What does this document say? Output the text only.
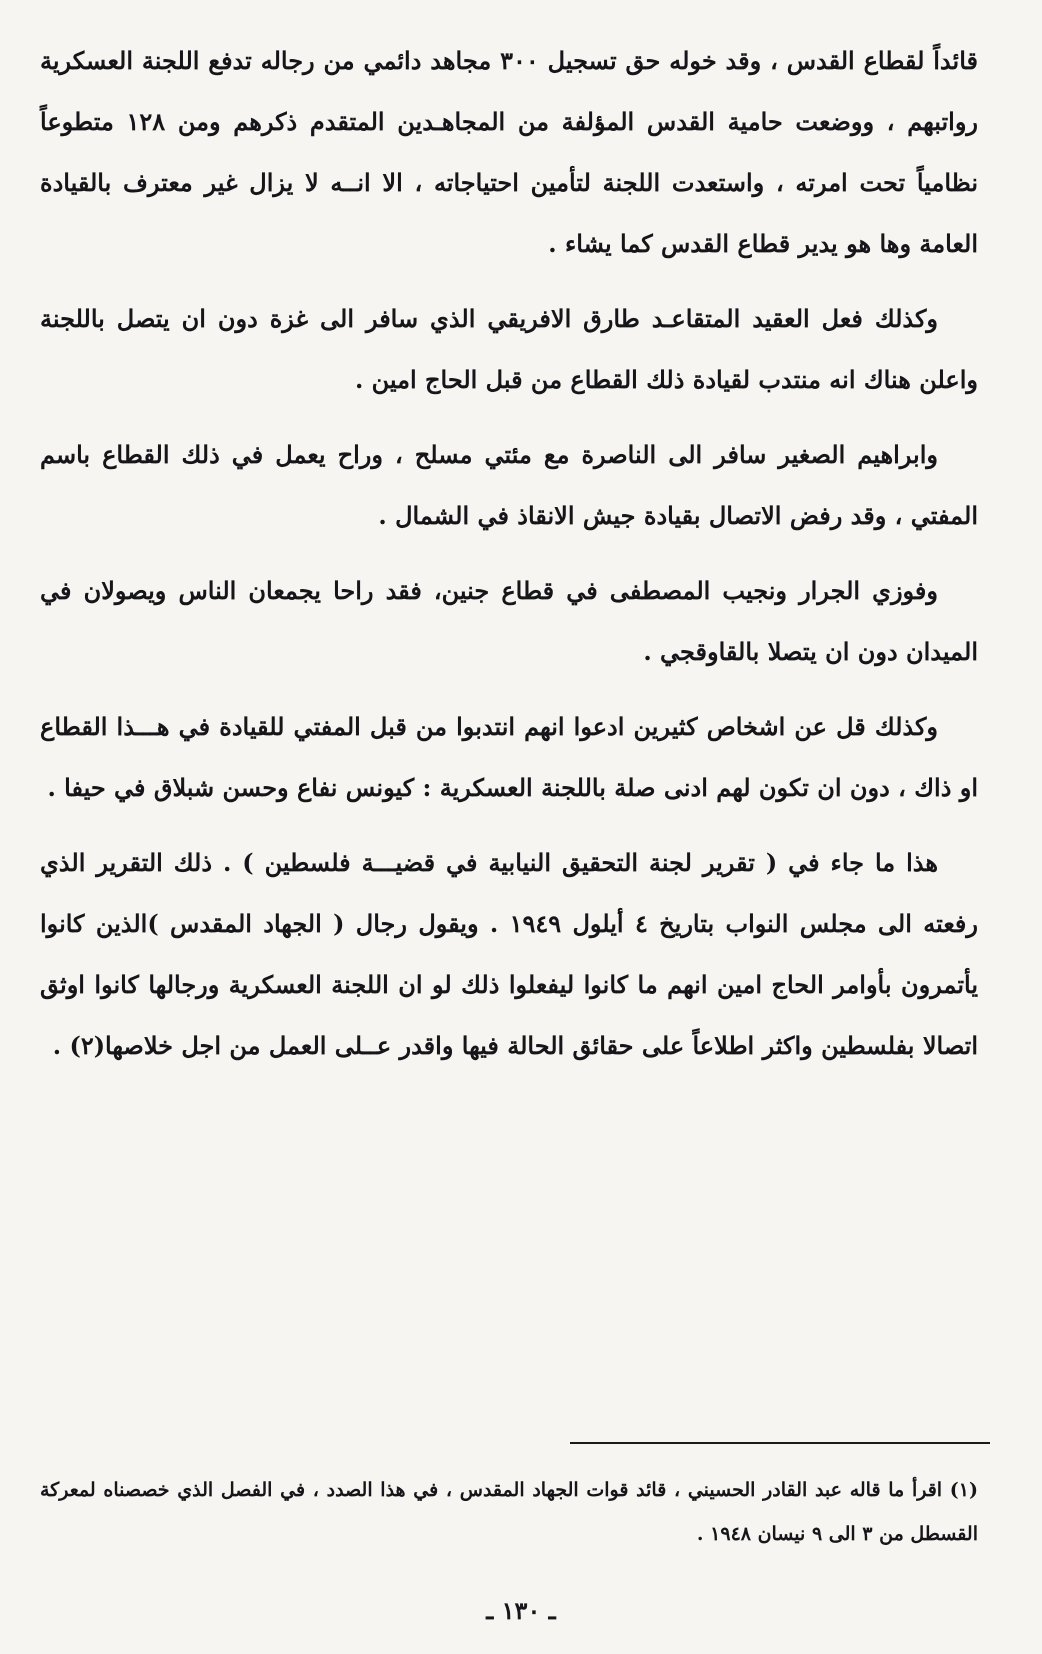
قائداً لقطاع القدس ، وقد خوله حق تسجيل ٣٠٠ مجاهد دائمي من رجاله تدفع اللجنة العسكرية رواتبهم ، ووضعت حامية القدس المؤلفة من المجاهـدين المتقدم ذكرهم ومن ١٢٨ متطوعاً نظامياً تحت امرته ، واستعدت اللجنة لتأمين احتياجاته ، الا انــه لا يزال غير معترف بالقيادة العامة وها هو يدير قطاع القدس كما يشاء .

وكذلك فعل العقيد المتقاعـد طارق الافريقي الذي سافر الى غزة دون ان يتصل باللجنة واعلن هناك انه منتدب لقيادة ذلك القطاع من قبل الحاج امين .

وابراهيم الصغير سافر الى الناصرة مع مئتي مسلح ، وراح يعمل في ذلك القطاع باسم المفتي ، وقد رفض الاتصال بقيادة جيش الانقاذ في الشمال .

وفوزي الجرار ونجيب المصطفى في قطاع جنين، فقد راحا يجمعان الناس ويصولان في الميدان دون ان يتصلا بالقاوقجي .

وكذلك قل عن اشخاص كثيرين ادعوا انهم انتدبوا من قبل المفتي للقيادة في هـــذا القطاع او ذاك ، دون ان تكون لهم ادنى صلة باللجنة العسكرية : كيونس نفاع وحسن شبلاق في حيفا .

هذا ما جاء في ( تقرير لجنة التحقيق النيابية في قضيـــة فلسطين ) . ذلك التقرير الذي رفعته الى مجلس النواب بتاريخ ٤ أيلول ١٩٤٩ . ويقول رجال ( الجهاد المقدس )الذين كانوا يأتمرون بأوامر الحاج امين انهم ما كانوا ليفعلوا ذلك لو ان اللجنة العسكرية ورجالها كانوا اوثق اتصالا بفلسطين واكثر اطلاعاً على حقائق الحالة فيها واقدر عــلى العمل من اجل خلاصها(٢) .

(١) اقرأ ما قاله عبد القادر الحسيني ، قائد قوات الجهاد المقدس ، في هذا الصدد ، في الفصل الذي خصصناه لمعركة القسطل من ٣ الى ٩ نيسان ١٩٤٨ .

ـ ١٣٠ ـ
